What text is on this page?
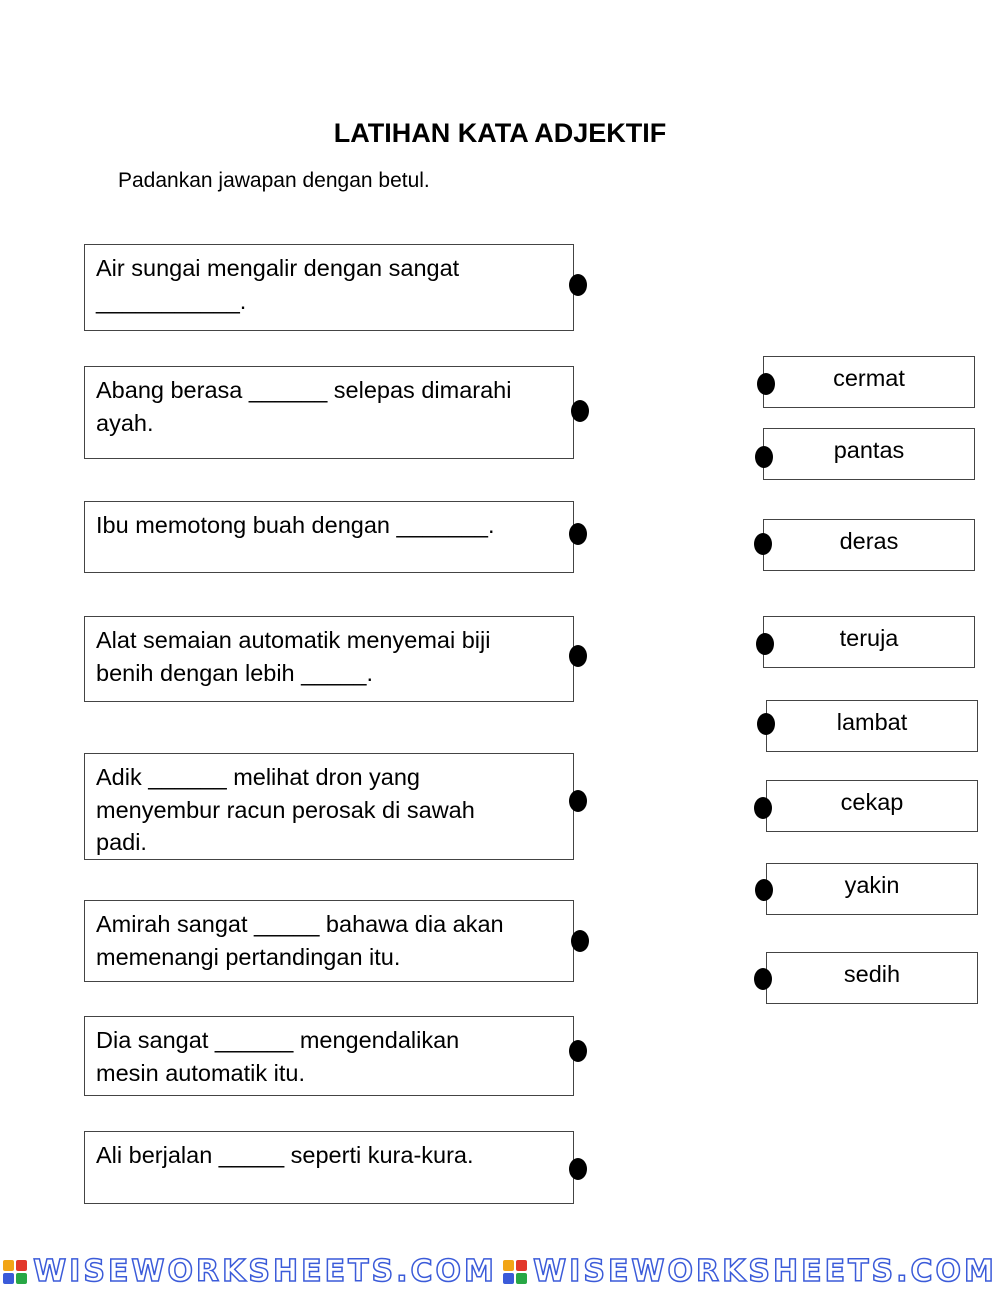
LATIHAN KATA ADJEKTIF
Padankan jawapan dengan betul.
Air sungai mengalir dengan sangat
___________.
Abang berasa ______ selepas dimarahi
ayah.
Ibu memotong buah dengan _______.
Alat semaian automatik menyemai biji
benih dengan lebih _____.
Adik ______ melihat dron yang
menyembur racun perosak di sawah
padi.
Amirah sangat _____ bahawa dia akan
memenangi pertandingan itu.
Dia sangat ______ mengendalikan
mesin automatik itu.
Ali berjalan _____ seperti kura-kura.
cermat
pantas
deras
teruja
lambat
cekap
yakin
sedih
WISEWORKSHEETS.COM WISEWORKSHEETS.COM
